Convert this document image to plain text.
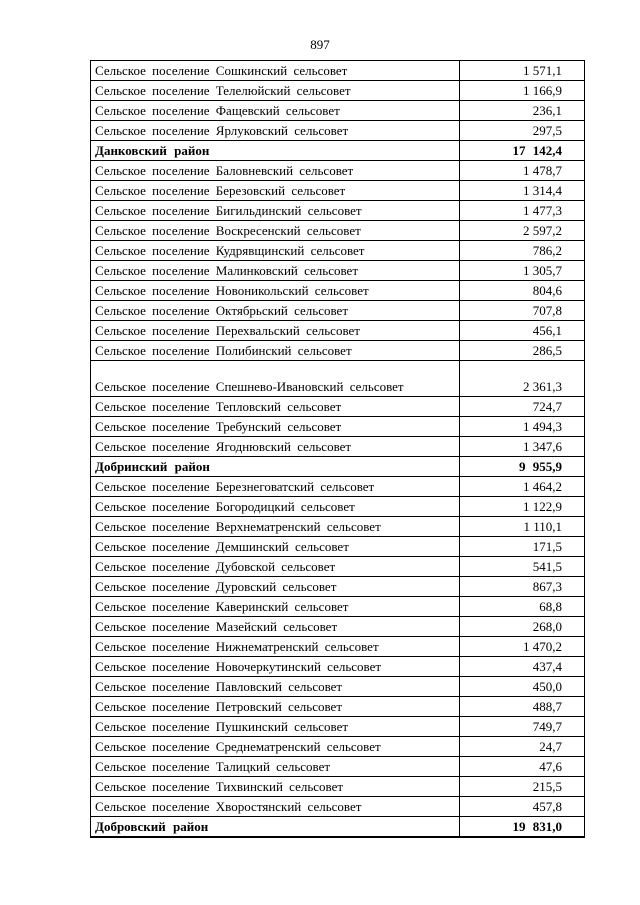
897
Сельское поселение Сошкинский сельсовет	1 571,1
Сельское поселение Телелюйский сельсовет	1 166,9
Сельское поселение Фащевский сельсовет	236,1
Сельское поселение Ярлуковский сельсовет	297,5
Данковский район	17 142,4
Сельское поселение Баловневский сельсовет	1 478,7
Сельское поселение Березовский сельсовет	1 314,4
Сельское поселение Бигильдинский сельсовет	1 477,3
Сельское поселение Воскресенский сельсовет	2 597,2
Сельское поселение Кудрявщинский сельсовет	786,2
Сельское поселение Малинковский сельсовет	1 305,7
Сельское поселение Новоникольский сельсовет	804,6
Сельское поселение Октябрьский сельсовет	707,8
Сельское поселение Перехвальский сельсовет	456,1
Сельское поселение Полибинский сельсовет	286,5
Сельское поселение Спешнево-Ивановский сельсовет	2 361,3
Сельское поселение Тепловский сельсовет	724,7
Сельское поселение Требунский сельсовет	1 494,3
Сельское поселение Ягоднювский сельсовет	1 347,6
Добринский район	9 955,9
Сельское поселение Березнеговатский сельсовет	1 464,2
Сельское поселение Богородицкий сельсовет	1 122,9
Сельское поселение Верхнематренский сельсовет	1 110,1
Сельское поселение Демшинский сельсовет	171,5
Сельское поселение Дубовской сельсовет	541,5
Сельское поселение Дуровский сельсовет	867,3
Сельское поселение Каверинский сельсовет	68,8
Сельское поселение Мазейский сельсовет	268,0
Сельское поселение Нижнематренский сельсовет	1 470,2
Сельское поселение Новочеркутинский сельсовет	437,4
Сельское поселение Павловский сельсовет	450,0
Сельское поселение Петровский сельсовет	488,7
Сельское поселение Пушкинский сельсовет	749,7
Сельское поселение Среднематренский сельсовет	24,7
Сельское поселение Талицкий сельсовет	47,6
Сельское поселение Тихвинский сельсовет	215,5
Сельское поселение Хворостянский сельсовет	457,8
Добровский район	19 831,0
